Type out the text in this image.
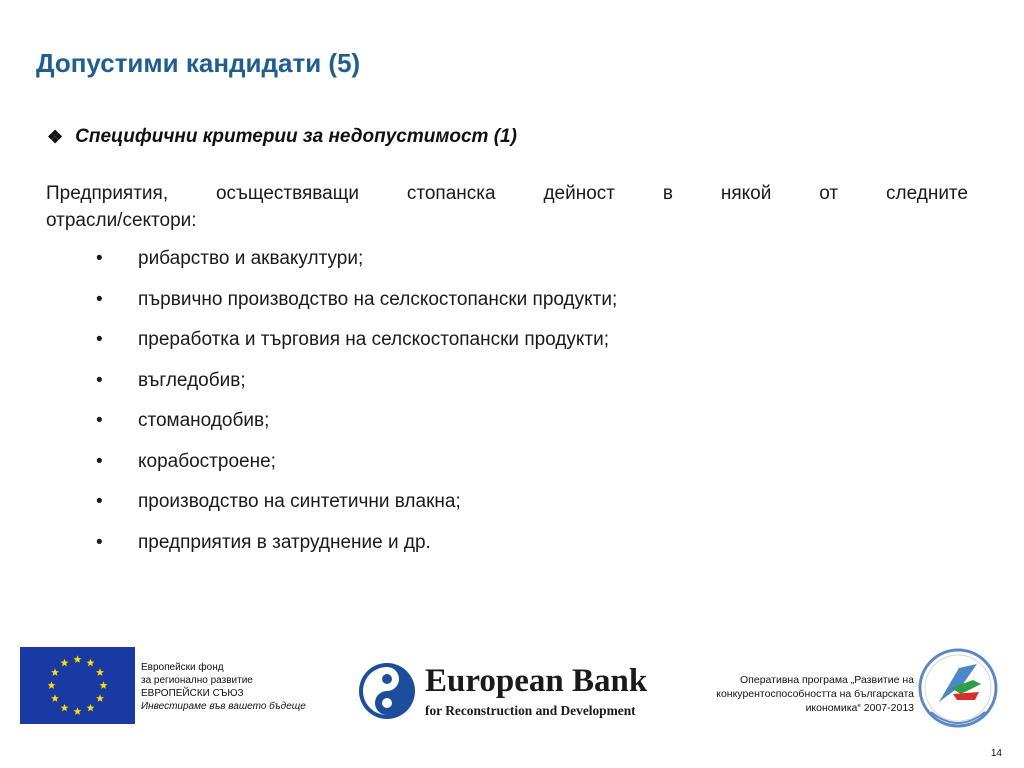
Допустими кандидати (5)
❖ Специфични критерии за недопустимост (1)
Предприятия, осъществяващи стопанска дейност в някой от следните
отрасли/сектори:
•	рибарство и аквакултури;
•	първично производство на селскостопански продукти;
•	преработка и търговия на селскостопански продукти;
•	въгледобив;
•	стоманодобив;
•	корабостроене;
•	производство на синтетични влакна;
•	предприятия в затруднение и др.
Европейски фонд
за регионално развитие
ЕВРОПЕЙСКИ СЪЮЗ
Инвестираме във вашето бъдеще
European Bank
for Reconstruction and Development
Оперативна програма „Развитие на
конкурентоспособността на българската
икономика“ 2007-2013
14
